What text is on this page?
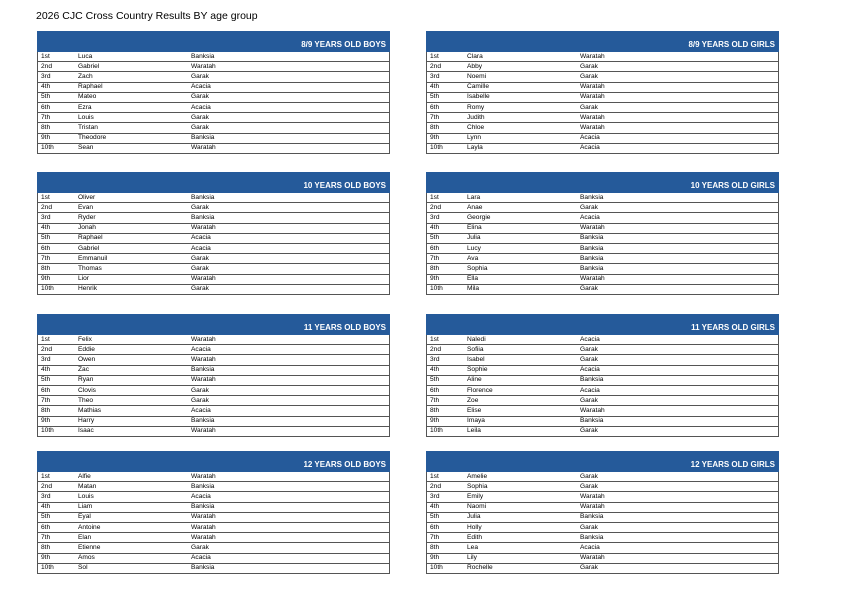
2026 CJC Cross Country Results BY age group
8/9 YEARS OLD BOYS
1st	Luca	Banksia
2nd	Gabriel	Waratah
3rd	Zach	Garak
4th	Raphael	Acacia
5th	Mateo	Garak
6th	Ezra	Acacia
7th	Louis	Garak
8th	Tristan	Garak
9th	Theodore	Banksia
10th	Sean	Waratah
8/9 YEARS OLD GIRLS
1st	Clara	Waratah
2nd	Abby	Garak
3rd	Noemi	Garak
4th	Camille	Waratah
5th	Isabelle	Waratah
6th	Romy	Garak
7th	Judith	Waratah
8th	Chloe	Waratah
9th	Lynn	Acacia
10th	Layla	Acacia
10 YEARS OLD BOYS
1st	Oliver	Banksia
2nd	Evan	Garak
3rd	Ryder	Banksia
4th	Jonah	Waratah
5th	Raphael	Acacia
6th	Gabriel	Acacia
7th	Emmanuil	Garak
8th	Thomas	Garak
9th	Lior	Waratah
10th	Henrik	Garak
10 YEARS OLD GIRLS
1st	Lara	Banksia
2nd	Anae	Garak
3rd	Georgie	Acacia
4th	Elina	Waratah
5th	Julia	Banksia
6th	Lucy	Banksia
7th	Ava	Banksia
8th	Sophia	Banksia
9th	Ella	Waratah
10th	Mila	Garak
11 YEARS OLD BOYS
1st	Felix	Waratah
2nd	Eddie	Acacia
3rd	Owen	Waratah
4th	Zac	Banksia
5th	Ryan	Waratah
6th	Clovis	Garak
7th	Theo	Garak
8th	Mathias	Acacia
9th	Harry	Banksia
10th	Isaac	Waratah
11 YEARS OLD GIRLS
1st	Naledi	Acacia
2nd	Sofiia	Garak
3rd	Isabel	Garak
4th	Sophie	Acacia
5th	Aline	Banksia
6th	Florence	Acacia
7th	Zoe	Garak
8th	Elise	Waratah
9th	Imaya	Banksia
10th	Leila	Garak
12 YEARS OLD BOYS
1st	Alfie	Waratah
2nd	Matan	Banksia
3rd	Louis	Acacia
4th	Liam	Banksia
5th	Eyal	Waratah
6th	Antoine	Waratah
7th	Elan	Waratah
8th	Etienne	Garak
9th	Amos	Acacia
10th	Sol	Banksia
12 YEARS OLD GIRLS
1st	Amelie	Garak
2nd	Sophia	Garak
3rd	Emily	Waratah
4th	Naomi	Waratah
5th	Julia	Banksia
6th	Holly	Garak
7th	Edith	Banksia
8th	Lea	Acacia
9th	Lily	Waratah
10th	Rochelle	Garak
